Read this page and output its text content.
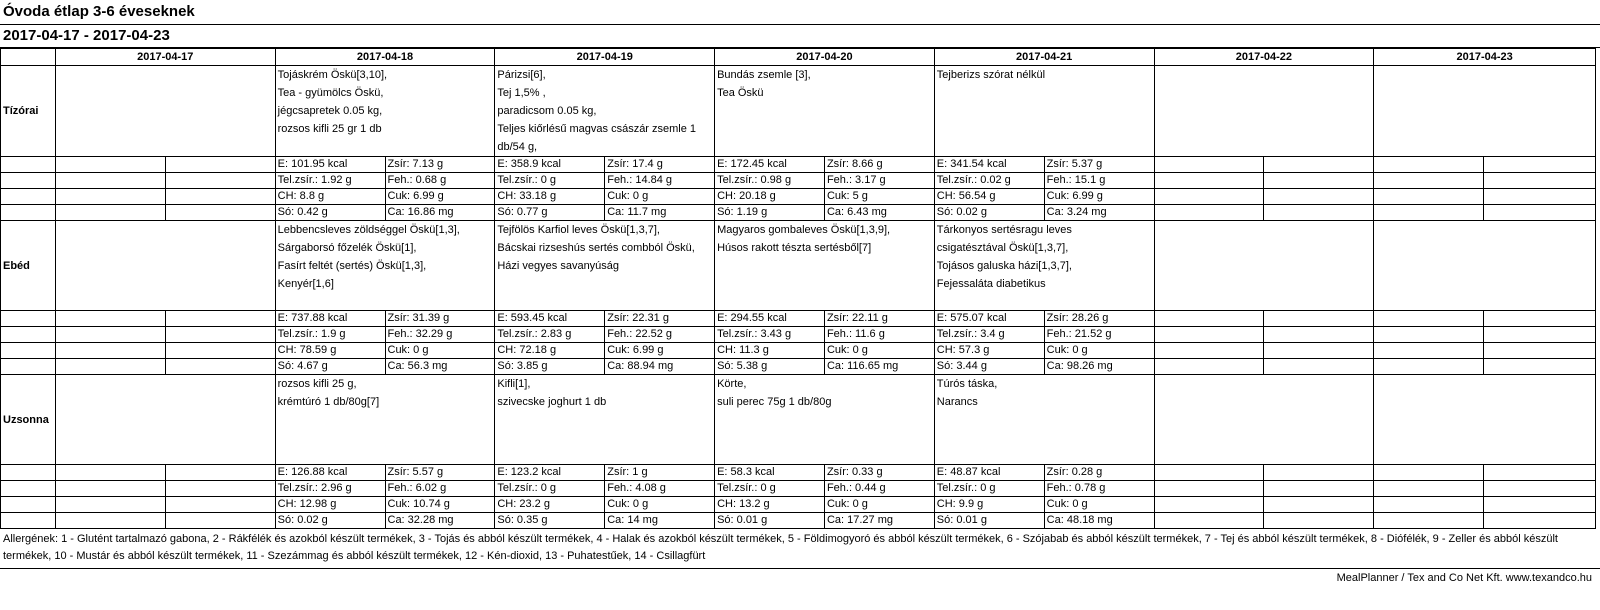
Óvoda étlap 3-6 éveseknek
2017-04-17 - 2017-04-23
	2017-04-17		2017-04-18		2017-04-19		2017-04-20		2017-04-21		2017-04-22		2017-04-23	
Tízórai			Tojáskrém Öskü[3,10],
Tea - gyümölcs Öskü,
jégcsapretek 0.05 kg,
rozsos kifli 25 gr 1 db		Párizsi[6],
Tej 1,5% ,
paradicsom 0.05 kg,
Teljes kiőrlésű magvas császár zsemle 1 db/54 g,		Bundás zsemle [3],
Tea Öskü		Tejberizs szórat nélkül					

			E: 101.95 kcal	Zsír: 7.13 g	E: 358.9 kcal	Zsír: 17.4 g	E: 172.45 kcal	Zsír: 8.66 g	E: 341.54 kcal	Zsír: 5.37 g				
			Tel.zsír.: 1.92 g	Feh.: 0.68 g	Tel.zsír.: 0 g	Feh.: 14.84 g	Tel.zsír.: 0.98 g	Feh.: 3.17 g	Tel.zsír.: 0.02 g	Feh.: 15.1 g				
			CH: 8.8 g	Cuk: 6.99 g	CH: 33.18 g	Cuk: 0 g	CH: 20.18 g	Cuk: 5 g	CH: 56.54 g	Cuk: 6.99 g				
			Só: 0.42 g	Ca: 16.86 mg	Só: 0.77 g	Ca: 11.7 mg	Só: 1.19 g	Ca: 6.43 mg	Só: 0.02 g	Ca: 3.24 mg				
Ebéd			Lebbencsleves zöldséggel Öskü[1,3],
Sárgaborsó főzelék Öskü[1],
Fasírt feltét (sertés) Öskü[1,3],
Kenyér[1,6]		Tejfölös Karfiol leves Öskü[1,3,7],
Bácskai rizseshús sertés combból Öskü,
Házi vegyes savanyúság		Magyaros gombaleves Öskü[1,3,9],
Húsos rakott tészta sertésből[7]		Tárkonyos sertésragu leves
csigatésztával Öskü[1,3,7],
Tojásos galuska házi[1,3,7],
Fejessaláta diabetikus					

			E: 737.88 kcal	Zsír: 31.39 g	E: 593.45 kcal	Zsír: 22.31 g	E: 294.55 kcal	Zsír: 22.11 g	E: 575.07 kcal	Zsír: 28.26 g				
			Tel.zsír.: 1.9 g	Feh.: 32.29 g	Tel.zsír.: 2.83 g	Feh.: 22.52 g	Tel.zsír.: 3.43 g	Feh.: 11.6 g	Tel.zsír.: 3.4 g	Feh.: 21.52 g				
			CH: 78.59 g	Cuk: 0 g	CH: 72.18 g	Cuk: 6.99 g	CH: 11.3 g	Cuk: 0 g	CH: 57.3 g	Cuk: 0 g				
			Só: 4.67 g	Ca: 56.3 mg	Só: 3.85 g	Ca: 88.94 mg	Só: 5.38 g	Ca: 116.65 mg	Só: 3.44 g	Ca: 98.26 mg				
Uzsonna			rozsos kifli 25 g,
krémtúró 1 db/80g[7]		Kifli[1],
szivecske joghurt 1 db		Körte,
suli perec 75g 1 db/80g		Túrós táska,
Narancs					

			E: 126.88 kcal	Zsír: 5.57 g	E: 123.2 kcal	Zsír: 1 g	E: 58.3 kcal	Zsír: 0.33 g	E: 48.87 kcal	Zsír: 0.28 g				
			Tel.zsír.: 2.96 g	Feh.: 6.02 g	Tel.zsír.: 0 g	Feh.: 4.08 g	Tel.zsír.: 0 g	Feh.: 0.44 g	Tel.zsír.: 0 g	Feh.: 0.78 g				
			CH: 12.98 g	Cuk: 10.74 g	CH: 23.2 g	Cuk: 0 g	CH: 13.2 g	Cuk: 0 g	CH: 9.9 g	Cuk: 0 g				
			Só: 0.02 g	Ca: 32.28 mg	Só: 0.35 g	Ca: 14 mg	Só: 0.01 g	Ca: 17.27 mg	Só: 0.01 g	Ca: 48.18 mg				
Allergének: 1 - Glutént tartalmazó gabona, 2 - Rákfélék és azokból készült termékek, 3 - Tojás és abból készült termékek, 4 - Halak és azokból készült termékek, 5 - Földimogyoró és abból készült termékek, 6 - Szójabab és abból készült termékek, 7 - Tej és abból készült termékek, 8 - Diófélék, 9 - Zeller és abból készült termékek, 10 - Mustár és abból készült termékek, 11 - Szezámmag és abból készült termékek, 12 - Kén-dioxid, 13 - Puhatestűek, 14 - Csillagfürt
MealPlanner / Tex and Co Net Kft. www.texandco.hu
